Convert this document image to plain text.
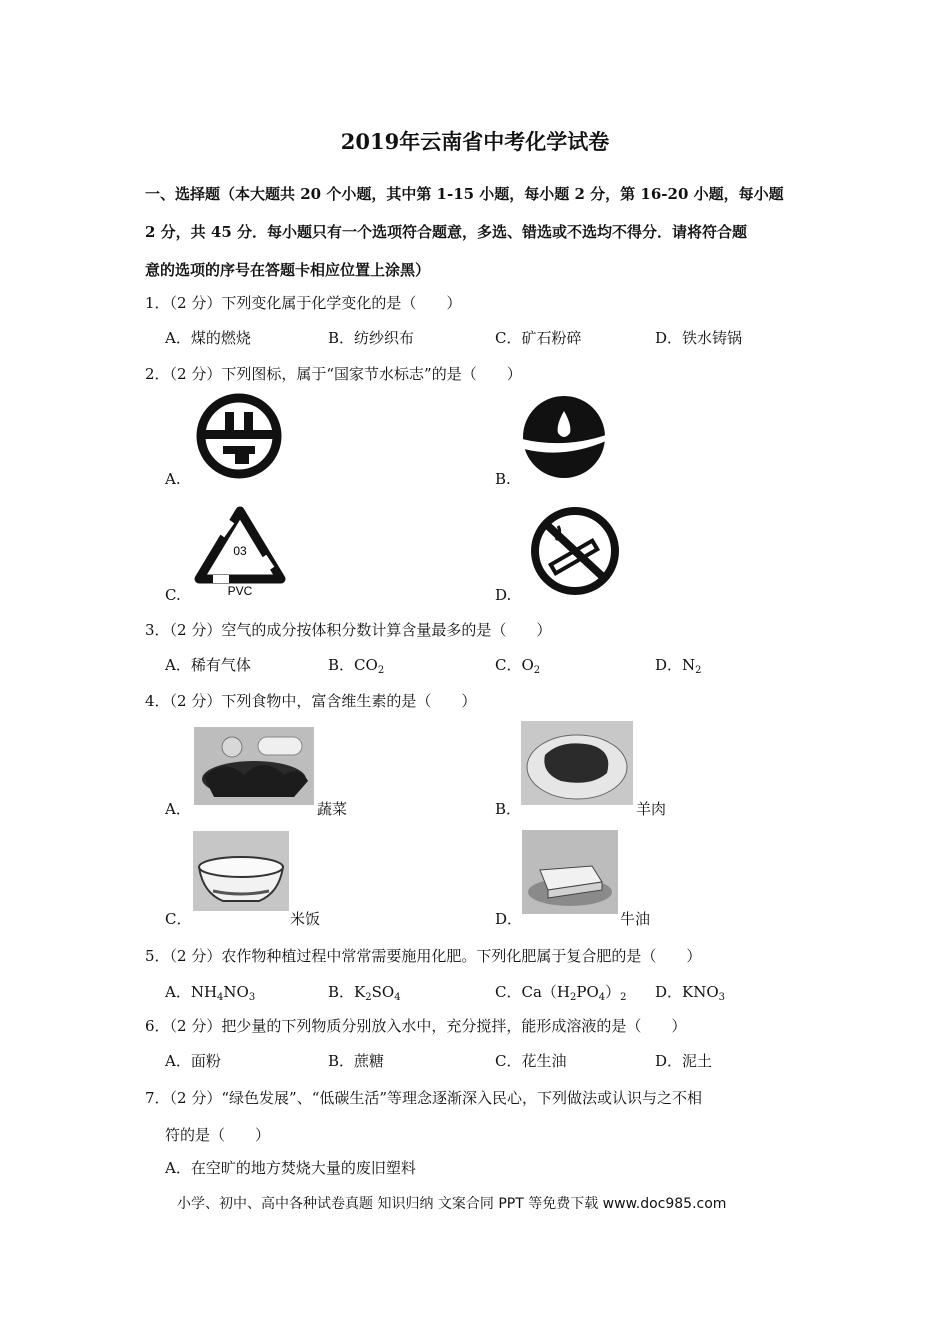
2019年云南省中考化学试卷
一、选择题（本大题共 20 个小题，其中第 1-15 小题，每小题 2 分，第 16-20 小题，每小题
2 分，共 45 分．每小题只有一个选项符合题意，多选、错选或不选均不得分．请将符合题
意的选项的序号在答题卡相应位置上涂黑）
1．（2 分）下列变化属于化学变化的是（　　）
A．煤的燃烧	B．纺纱织布	C．矿石粉碎	D．铁水铸锅
2．（2 分）下列图标，属于“国家节水标志”的是（　　）
A.	B.
03
PVC
C.	D.
3．（2 分）空气的成分按体积分数计算含量最多的是（　　）
A．稀有气体	B．$CO_2$	C．$O_2$	D．$N_2$
4．（2 分）下列食物中，富含维生素的是（　　）
A．	蔬菜	B．	羊肉
C．	米饭	D．	牛油
5．（2 分）农作物种植过程中常常需要施用化肥。下列化肥属于复合肥的是（　　）
A．$NH_4NO_3$	B．$K_2SO_4$	C．$Ca(H_2PO_4)_2$ D．$KNO_3$
6．（2 分）把少量的下列物质分别放入水中，充分搅拌，能形成溶液的是（　　）
A．面粉	B．蔗糖	C．花生油	D．泥土
7．（2 分）“绿色发展”、“低碳生活”等理念逐渐深入民心，下列做法或认识与之不相
符的是（　　）
A．在空旷的地方焚烧大量的废旧塑料
小学、初中、高中各种试卷真题 知识归纳 文案合同 PPT 等免费下载 www.doc985.com
